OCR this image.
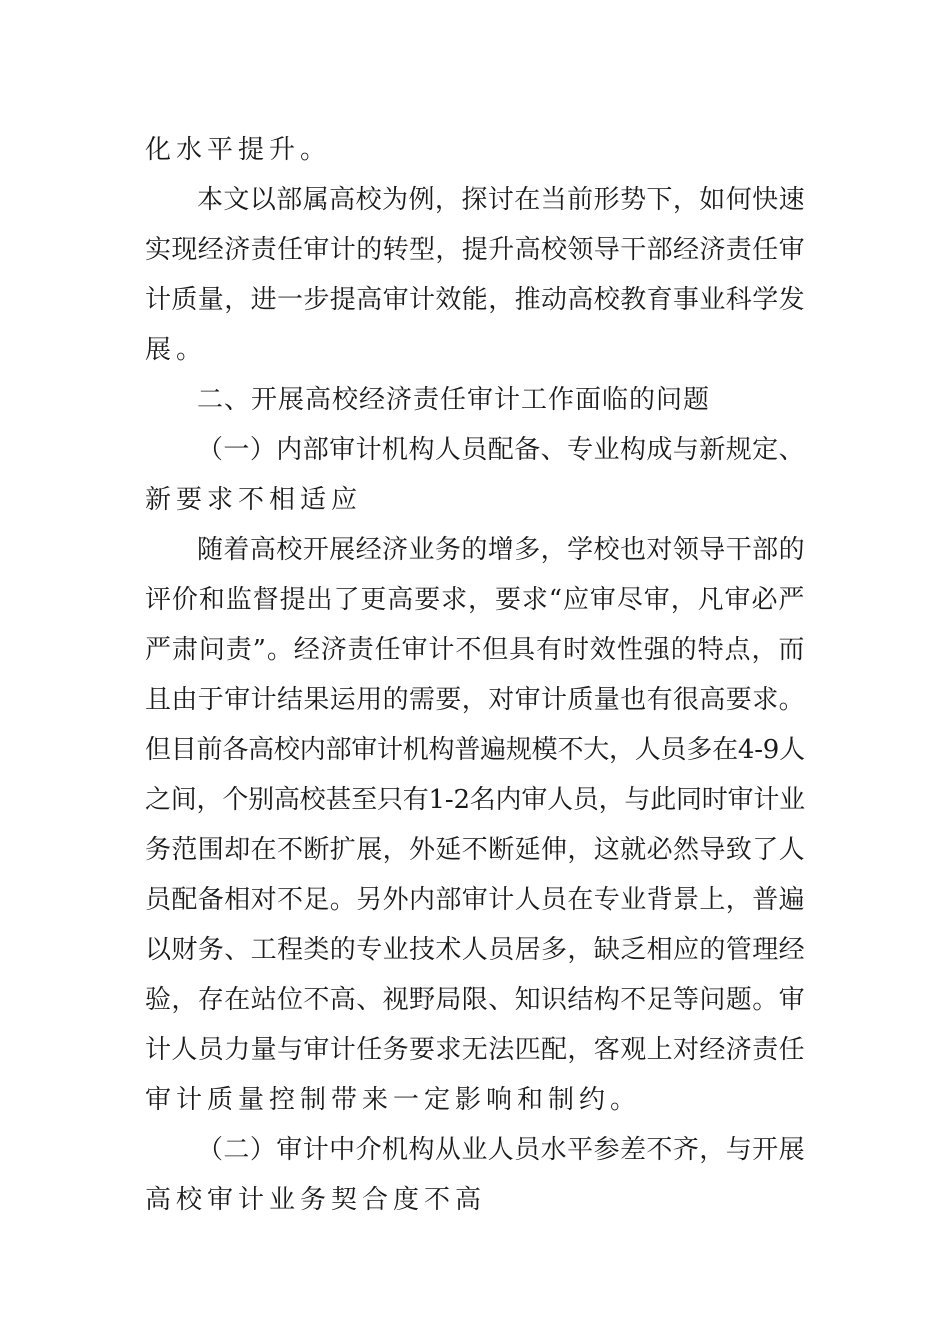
化水平提升。
本文以部属高校为例，探讨在当前形势下，如何快速
实现经济责任审计的转型，提升高校领导干部经济责任审
计质量，进一步提高审计效能，推动高校教育事业科学发
展。
二、开展高校经济责任审计工作面临的问题
（一）内部审计机构人员配备、专业构成与新规定、
新要求不相适应
随着高校开展经济业务的增多，学校也对领导干部的
评价和监督提出了更高要求，要求“应审尽审，凡审必严
严肃问责”。经济责任审计不但具有时效性强的特点，而
且由于审计结果运用的需要，对审计质量也有很高要求。
但目前各高校内部审计机构普遍规模不大，人员多在4-9人
之间，个别高校甚至只有1-2名内审人员，与此同时审计业
务范围却在不断扩展，外延不断延伸，这就必然导致了人
员配备相对不足。另外内部审计人员在专业背景上，普遍
以财务、工程类的专业技术人员居多，缺乏相应的管理经
验，存在站位不高、视野局限、知识结构不足等问题。审
计人员力量与审计任务要求无法匹配，客观上对经济责任
审计质量控制带来一定影响和制约。
（二）审计中介机构从业人员水平参差不齐，与开展
高校审计业务契合度不高
